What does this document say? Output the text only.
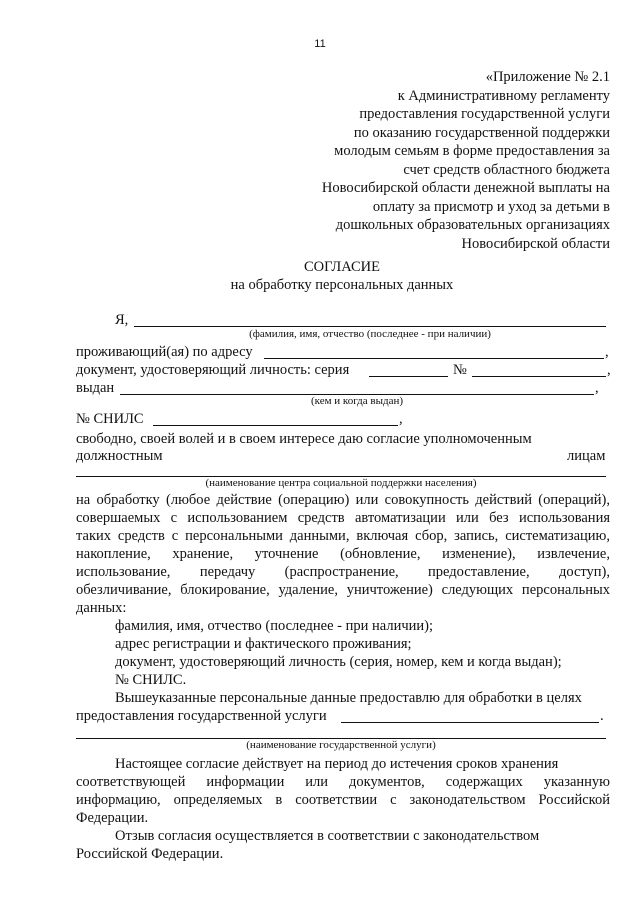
11
«Приложение № 2.1
к Административному регламенту
предоставления государственной услуги
по оказанию государственной поддержки
молодым семьям в форме предоставления за
счет средств областного бюджета
Новосибирской области денежной выплаты на
оплату за присмотр и уход за детьми в
дошкольных образовательных организациях
Новосибирской области
СОГЛАСИЕ
на обработку персональных данных
Я,
(фамилия, имя, отчество (последнее - при наличии)
проживающий(ая) по адресу	,
документ, удостоверяющий личность: серия	№	,
выдан	,
(кем и когда выдан)
№ СНИЛС	,
свободно, своей волей и в своем интересе даю согласие уполномоченным
должностным	лицам
(наименование центра социальной поддержки населения)
на обработку (любое действие (операцию) или совокупность действий (операций),
совершаемых с использованием средств автоматизации или без использования
таких средств с персональными данными, включая сбор, запись, систематизацию,
накопление, хранение, уточнение (обновление, изменение), извлечение,
использование, передачу (распространение, предоставление, доступ),
обезличивание, блокирование, удаление, уничтожение) следующих персональных
данных:
фамилия, имя, отчество (последнее - при наличии);
адрес регистрации и фактического проживания;
документ, удостоверяющий личность (серия, номер, кем и когда выдан);
№ СНИЛС.
Вышеуказанные персональные данные предоставлю для обработки в целях
предоставления государственной услуги	.
(наименование государственной услуги)
Настоящее согласие действует на период до истечения сроков хранения
соответствующей информации или документов, содержащих указанную
информацию, определяемых в соответствии с законодательством Российской
Федерации.
Отзыв согласия осуществляется в соответствии с законодательством
Российской Федерации.
